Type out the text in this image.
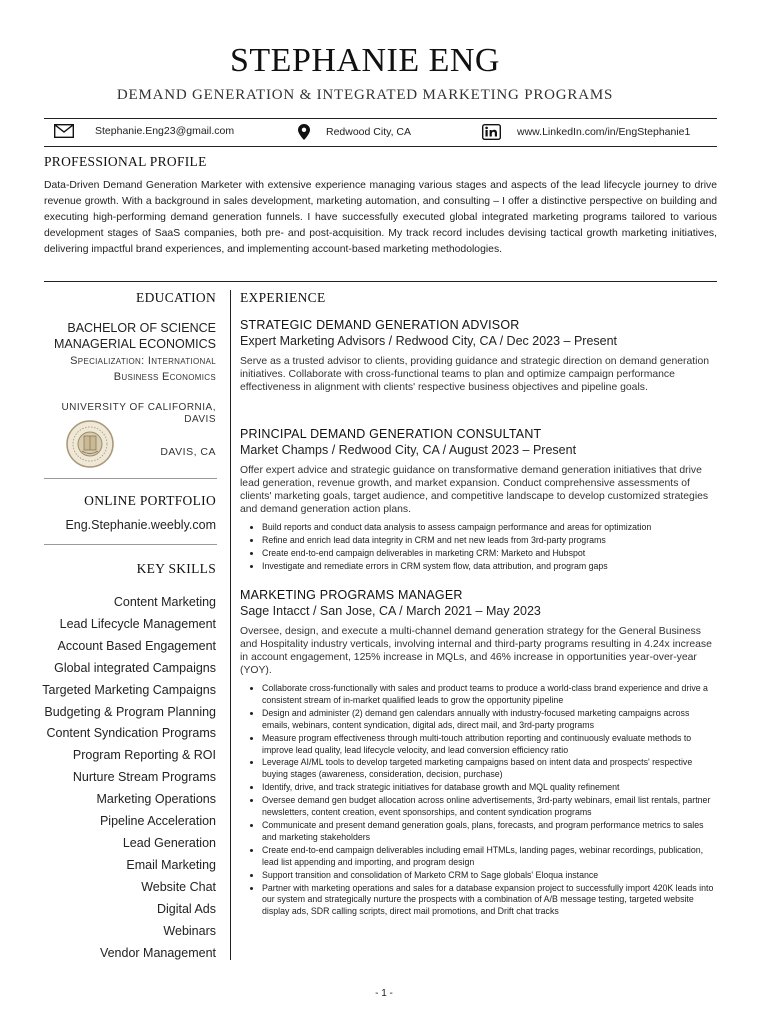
STEPHANIE ENG
DEMAND GENERATION & INTEGRATED MARKETING PROGRAMS
Stephanie.Eng23@gmail.com	Redwood City, CA	www.LinkedIn.com/in/EngStephanie1
PROFESSIONAL PROFILE

Data-Driven Demand Generation Marketer with extensive experience managing various stages and aspects of the lead lifecycle journey to drive revenue growth. With a background in sales development, marketing automation, and consulting – I offer a distinctive perspective on building and executing high-performing demand generation funnels. I have successfully executed global integrated marketing programs tailored to various development stages of SaaS companies, both pre- and post-acquisition. My track record includes devising tactical growth marketing initiatives, delivering impactful brand experiences, and implementing account-based marketing methodologies.

EDUCATION
BACHELOR OF SCIENCE
MANAGERIAL ECONOMICS
Specialization: International
Business Economics
UNIVERSITY OF CALIFORNIA,
DAVIS
DAVIS, CA
ONLINE PORTFOLIO
Eng.Stephanie.weebly.com
KEY SKILLS
Content Marketing
Lead Lifecycle Management
Account Based Engagement
Global integrated Campaigns
Targeted Marketing Campaigns
Budgeting & Program Planning
Content Syndication Programs
Program Reporting & ROI
Nurture Stream Programs
Marketing Operations
Pipeline Acceleration
Lead Generation
Email Marketing
Website Chat
Digital Ads
Webinars
Vendor Management
EXPERIENCE
STRATEGIC DEMAND GENERATION ADVISOR
Expert Marketing Advisors / Redwood City, CA / Dec 2023 – Present

Serve as a trusted advisor to clients, providing guidance and strategic direction on demand generation initiatives. Collaborate with cross-functional teams to plan and optimize campaign performance effectiveness in alignment with clients' respective business objectives and pipeline goals.

PRINCIPAL DEMAND GENERATION CONSULTANT
Market Champs / Redwood City, CA / August 2023 – Present

Offer expert advice and strategic guidance on transformative demand generation initiatives that drive lead generation, revenue growth, and market expansion. Conduct comprehensive assessments of clients' marketing goals, target audience, and competitive landscape to develop customized strategies and demand generation action plans.

• Build reports and conduct data analysis to assess campaign performance and areas for optimization
• Refine and enrich lead data integrity in CRM and net new leads from 3rd-party programs
• Create end-to-end campaign deliverables in marketing CRM: Marketo and Hubspot
• Investigate and remediate errors in CRM system flow, data attribution, and program gaps
MARKETING PROGRAMS MANAGER
Sage Intacct / San Jose, CA / March 2021 – May 2023

Oversee, design, and execute a multi-channel demand generation strategy for the General Business and Hospitality industry verticals, involving internal and third-party programs resulting in 4.24x increase in account engagement, 125% increase in MQLs, and 46% increase in opportunities year-over-year (YOY).

• Collaborate cross-functionally with sales and product teams to produce a world-class brand experience and drive a consistent stream of in-market qualified leads to grow the opportunity pipeline
• Design and administer (2) demand gen calendars annually with industry-focused marketing campaigns across emails, webinars, content syndication, digital ads, direct mail, and 3rd-party programs
• Measure program effectiveness through multi-touch attribution reporting and continuously evaluate methods to improve lead quality, lead lifecycle velocity, and lead conversion efficiency ratio
• Leverage AI/ML tools to develop targeted marketing campaigns based on intent data and prospects' respective buying stages (awareness, consideration, decision, purchase)
• Identify, drive, and track strategic initiatives for database growth and MQL quality refinement
• Oversee demand gen budget allocation across online advertisements, 3rd-party webinars, email list rentals, partner newsletters, content creation, event sponsorships, and content syndication programs
• Communicate and present demand generation goals, plans, forecasts, and program performance metrics to sales and marketing stakeholders
• Create end-to-end campaign deliverables including email HTMLs, landing pages, webinar recordings, publication, lead list appending and importing, and program design
• Support transition and consolidation of Marketo CRM to Sage globals' Eloqua instance
• Partner with marketing operations and sales for a database expansion project to successfully import 420K leads into our system and strategically nurture the prospects with a combination of A/B message testing, targeted website display ads, SDR calling scripts, direct mail promotions, and Drift chat tracks
- 1 -
